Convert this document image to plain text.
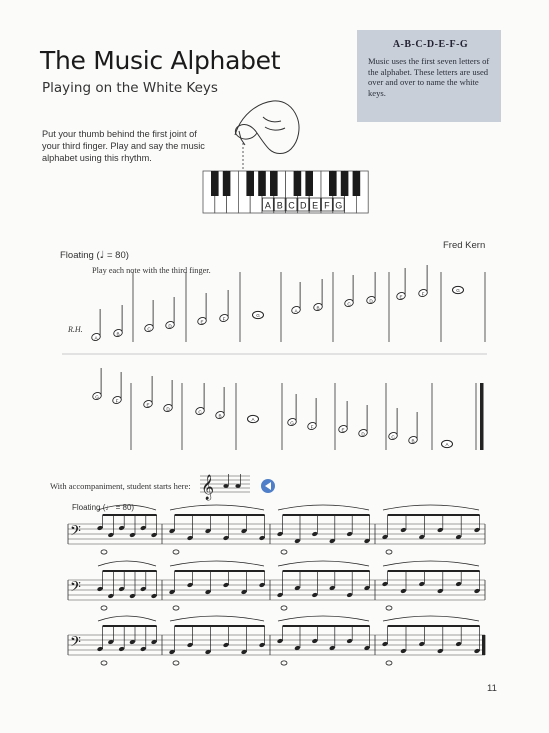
The Music Alphabet
Playing on the White Keys
A-B-C-D-E-F-G
Music uses the first seven letters of the alphabet. These letters are used over and over to name the white keys.
Put your thumb behind the first joint of your third finger. Play and say the music alphabet using this rhythm.
A B C D E F G
Fred Kern
Floating (♩ = 80)
Play each note with the third finger.
R.H.
A
B
C
D
E
F
G
A
B
C
D
E
F
G
G
F
E
D
C
B
A
G
F
E
D
C
B
A
𝄞
𝄢
𝄢
𝄢
With accompaniment, student starts here:
Floating (♩ = 80)
11
